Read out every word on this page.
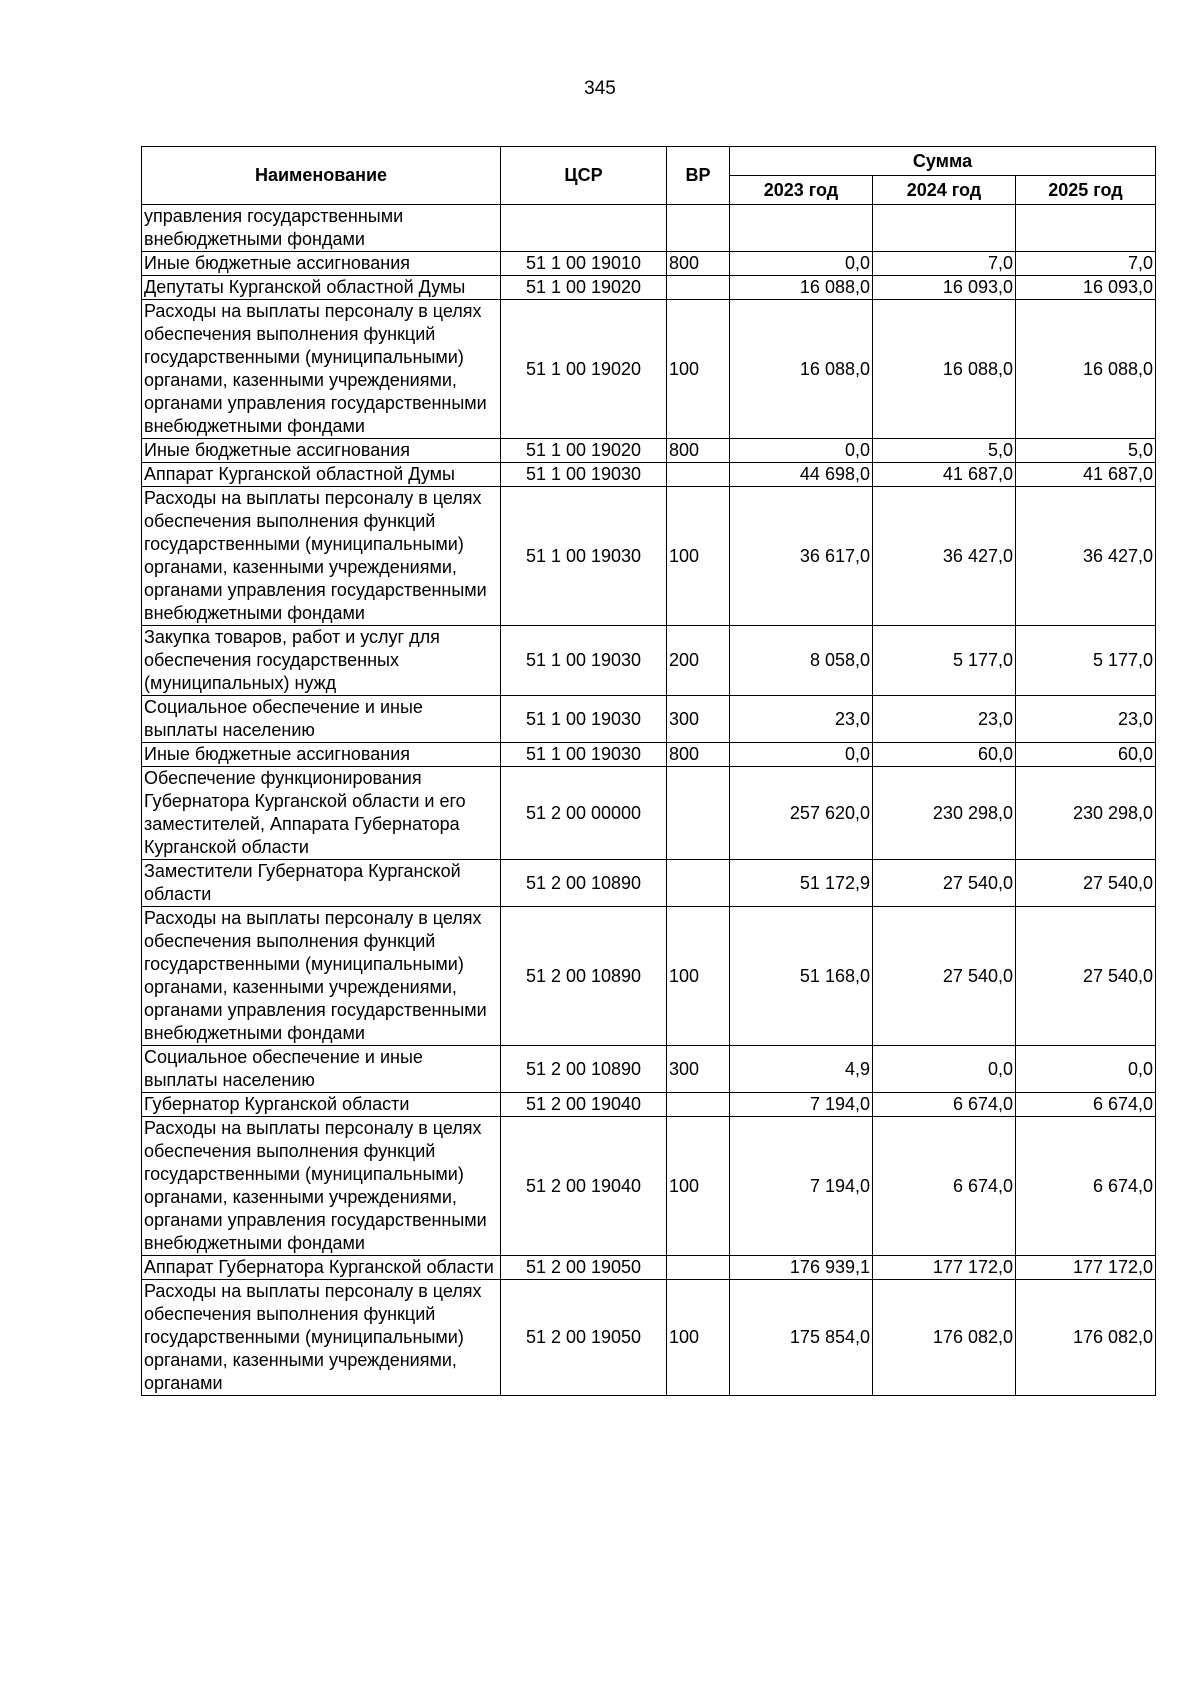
345
Наименование	ЦСР	ВР	Сумма		
			2023 год	2024 год	2025 год
управления государственными внебюджетными фондами					
Иные бюджетные ассигнования	51 1 00 19010	800	0,0	7,0	7,0
Депутаты Курганской областной Думы	51 1 00 19020		16 088,0	16 093,0	16 093,0
Расходы на выплаты персоналу в целях обеспечения выполнения функций государственными (муниципальными) органами, казенными учреждениями, органами управления государственными внебюджетными фондами	51 1 00 19020	100	16 088,0	16 088,0	16 088,0
Иные бюджетные ассигнования	51 1 00 19020	800	0,0	5,0	5,0
Аппарат Курганской областной Думы	51 1 00 19030		44 698,0	41 687,0	41 687,0
Расходы на выплаты персоналу в целях обеспечения выполнения функций государственными (муниципальными) органами, казенными учреждениями, органами управления государственными внебюджетными фондами	51 1 00 19030	100	36 617,0	36 427,0	36 427,0
Закупка товаров, работ и услуг для обеспечения государственных (муниципальных) нужд	51 1 00 19030	200	8 058,0	5 177,0	5 177,0
Социальное обеспечение и иные выплаты населению	51 1 00 19030	300	23,0	23,0	23,0
Иные бюджетные ассигнования	51 1 00 19030	800	0,0	60,0	60,0
Обеспечение функционирования Губернатора Курганской области и его заместителей, Аппарата Губернатора Курганской области	51 2 00 00000		257 620,0	230 298,0	230 298,0
Заместители Губернатора Курганской области	51 2 00 10890		51 172,9	27 540,0	27 540,0
Расходы на выплаты персоналу в целях обеспечения выполнения функций государственными (муниципальными) органами, казенными учреждениями, органами управления государственными внебюджетными фондами	51 2 00 10890	100	51 168,0	27 540,0	27 540,0
Социальное обеспечение и иные выплаты населению	51 2 00 10890	300	4,9	0,0	0,0
Губернатор Курганской области	51 2 00 19040		7 194,0	6 674,0	6 674,0
Расходы на выплаты персоналу в целях обеспечения выполнения функций государственными (муниципальными) органами, казенными учреждениями, органами управления государственными внебюджетными фондами	51 2 00 19040	100	7 194,0	6 674,0	6 674,0
Аппарат Губернатора Курганской области	51 2 00 19050		176 939,1	177 172,0	177 172,0
Расходы на выплаты персоналу в целях обеспечения выполнения функций государственными (муниципальными) органами, казенными учреждениями, органами	51 2 00 19050	100	175 854,0	176 082,0	176 082,0
